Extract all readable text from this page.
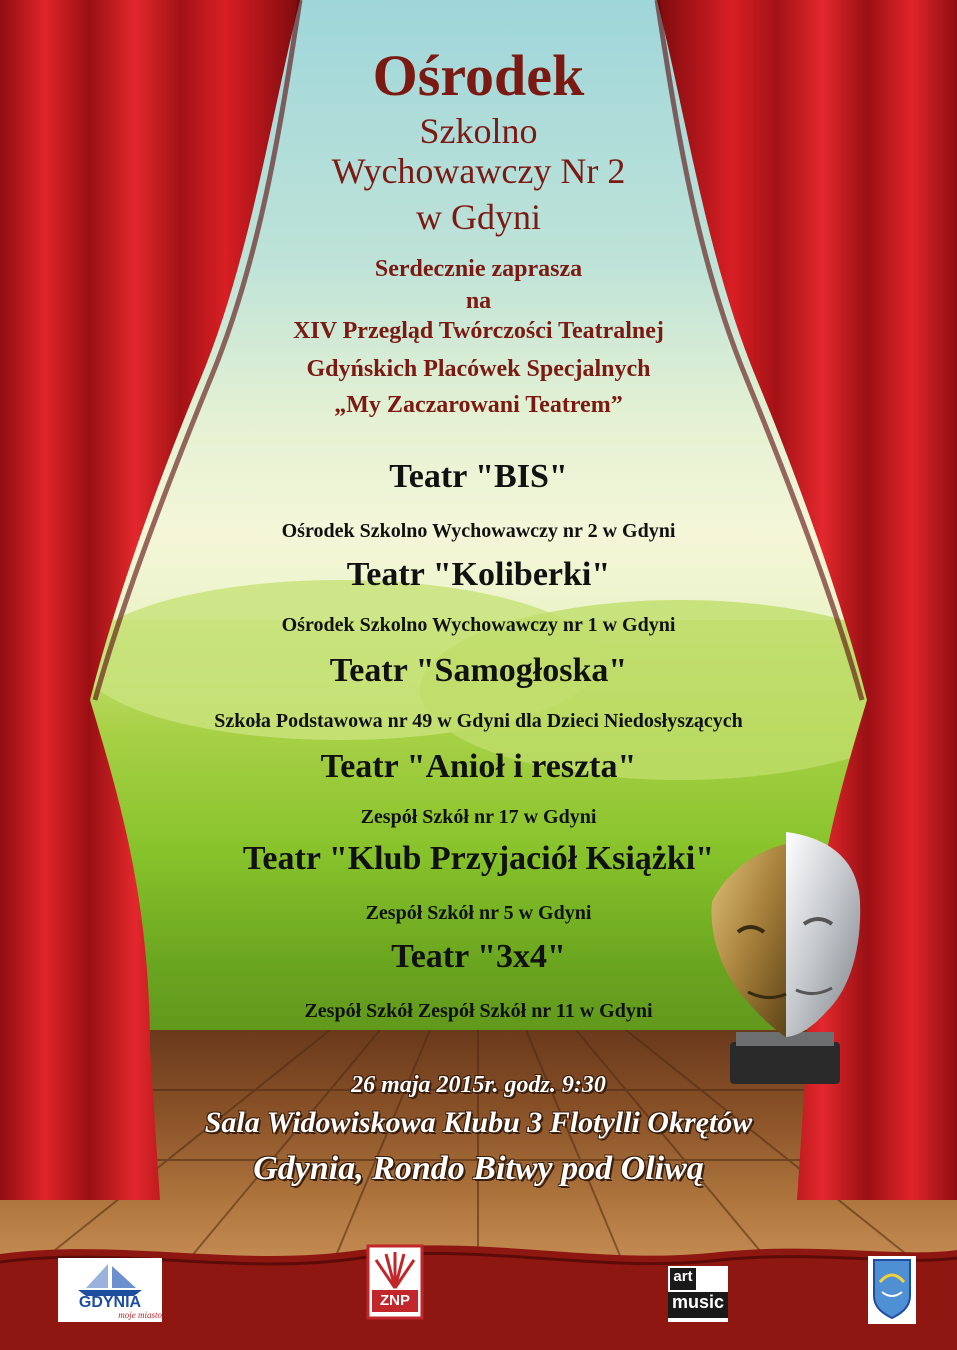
Ośrodek
Szkolno
Wychowawczy Nr 2
w Gdyni
Serdecznie zaprasza
na
XIV Przegląd Twórczości Teatralnej
Gdyńskich Placówek Specjalnych
„My Zaczarowani Teatrem”
Teatr "BIS"
Ośrodek Szkolno Wychowawczy nr 2 w Gdyni
Teatr "Koliberki"
Ośrodek Szkolno Wychowawczy nr 1 w Gdyni
Teatr "Samogłoska"
Szkoła Podstawowa nr 49 w Gdyni dla Dzieci Niedosłyszących
Teatr "Anioł i reszta"
Zespół Szkół nr 17 w Gdyni
Teatr "Klub Przyjaciół Książki"
Zespół Szkół nr 5 w Gdyni
Teatr "3x4"
Zespół Szkół Zespół Szkół nr 11 w Gdyni
26 maja 2015r. godz. 9:30
Sala Widowiskowa Klubu 3 Flotylli Okrętów
Gdynia, Rondo Bitwy pod Oliwą
GDYNIA
moje miasto
ZNP
art
music
